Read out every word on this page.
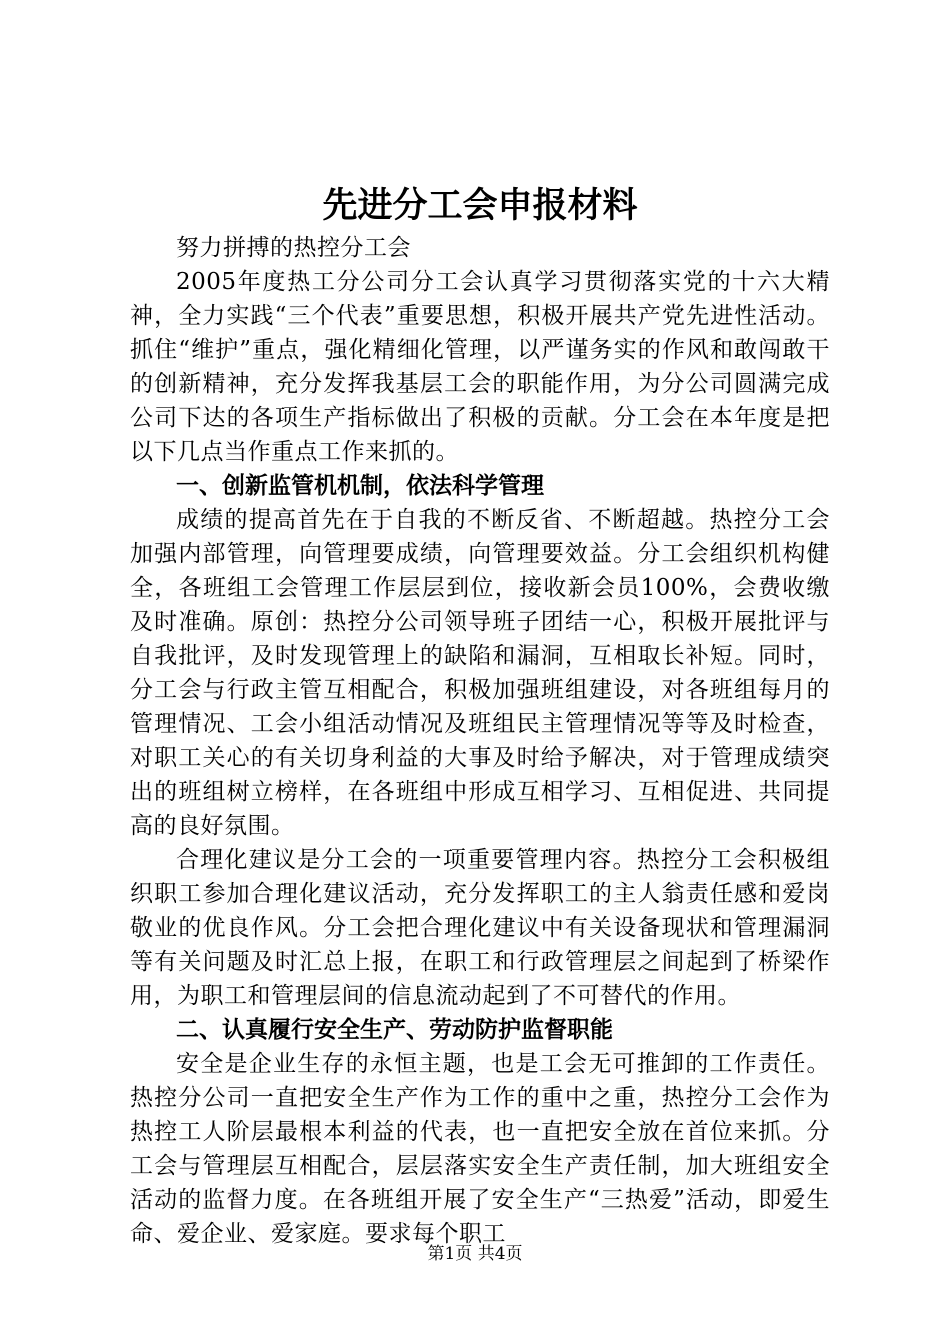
先进分工会申报材料

努力拼搏的热控分工会

2005年度热工分公司分工会认真学习贯彻落实党的十六大精神，全力实践“三个代表”重要思想，积极开展共产党先进性活动。抓住“维护”重点，强化精细化管理，以严谨务实的作风和敢闯敢干的创新精神，充分发挥我基层工会的职能作用，为分公司圆满完成公司下达的各项生产指标做出了积极的贡献。分工会在本年度是把以下几点当作重点工作来抓的。

一、创新监管机机制，依法科学管理

成绩的提高首先在于自我的不断反省、不断超越。热控分工会加强内部管理，向管理要成绩，向管理要效益。分工会组织机构健全，各班组工会管理工作层层到位，接收新会员100%，会费收缴及时准确。原创：热控分公司领导班子团结一心，积极开展批评与自我批评，及时发现管理上的缺陷和漏洞，互相取长补短。同时，分工会与行政主管互相配合，积极加强班组建设，对各班组每月的管理情况、工会小组活动情况及班组民主管理情况等等及时检查，对职工关心的有关切身利益的大事及时给予解决，对于管理成绩突出的班组树立榜样，在各班组中形成互相学习、互相促进、共同提高的良好氛围。

合理化建议是分工会的一项重要管理内容。热控分工会积极组织职工参加合理化建议活动，充分发挥职工的主人翁责任感和爱岗敬业的优良作风。分工会把合理化建议中有关设备现状和管理漏洞等有关问题及时汇总上报，在职工和行政管理层之间起到了桥梁作用，为职工和管理层间的信息流动起到了不可替代的作用。

二、认真履行安全生产、劳动防护监督职能

安全是企业生存的永恒主题，也是工会无可推卸的工作责任。热控分公司一直把安全生产作为工作的重中之重，热控分工会作为热控工人阶层最根本利益的代表，也一直把安全放在首位来抓。分工会与管理层互相配合，层层落实安全生产责任制，加大班组安全活动的监督力度。在各班组开展了安全生产“三热爱”活动，即爱生命、爱企业、爱家庭。要求每个职工

第1页 共4页
